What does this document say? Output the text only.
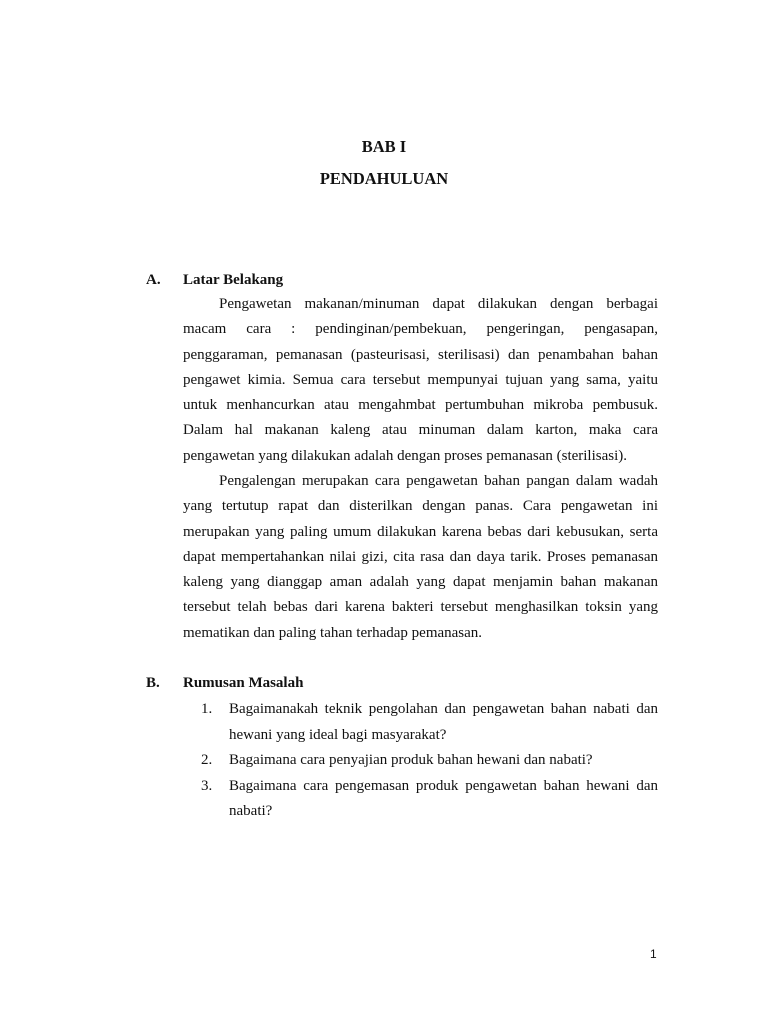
BAB I
PENDAHULUAN
A. Latar Belakang

Pengawetan makanan/minuman dapat dilakukan dengan berbagai macam cara : pendinginan/pembekuan, pengeringan, pengasapan, penggaraman, pemanasan (pasteurisasi, sterilisasi) dan penambahan bahan pengawet kimia. Semua cara tersebut mempunyai tujuan yang sama, yaitu untuk menhancurkan atau mengahmbat pertumbuhan mikroba pembusuk. Dalam hal makanan kaleng atau minuman dalam karton, maka cara pengawetan yang dilakukan adalah dengan proses pemanasan (sterilisasi).

Pengalengan merupakan cara pengawetan bahan pangan dalam wadah yang tertutup rapat dan disterilkan dengan panas. Cara pengawetan ini merupakan yang paling umum dilakukan karena bebas dari kebusukan, serta dapat mempertahankan nilai gizi, cita rasa dan daya tarik. Proses pemanasan kaleng yang dianggap aman adalah yang dapat menjamin bahan makanan tersebut telah bebas dari karena bakteri tersebut menghasilkan toksin yang mematikan dan paling tahan terhadap pemanasan.

B. Rumusan Masalah
1. Bagaimanakah teknik pengolahan dan pengawetan bahan nabati dan hewani yang ideal bagi masyarakat?
2. Bagaimana cara penyajian produk bahan hewani dan nabati?
3. Bagaimana cara pengemasan produk pengawetan bahan hewani dan nabati?
1
